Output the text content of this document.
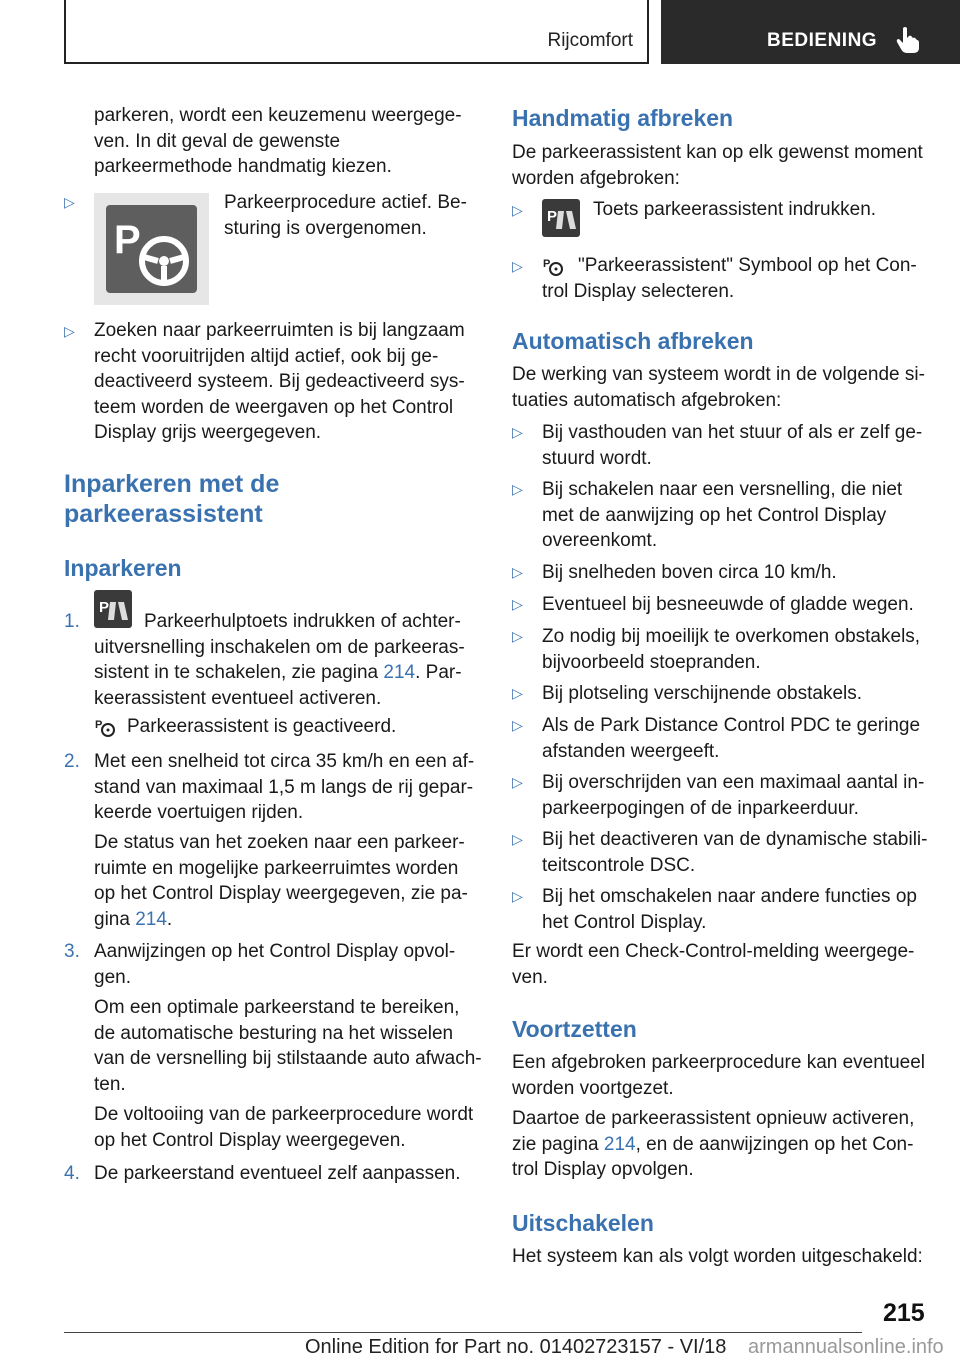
Rijcomfort	BEDIENING

parkeren, wordt een keuzemenu weergege-
ven. In dit geval de gewenste
parkeermethode handmatig kiezen.

▷
P

Parkeerprocedure actief. Be-
sturing is overgenomen.

▷ Zoeken naar parkeerruimten is bij langzaam
recht vooruitrijden altijd actief, ook bij ge-
deactiveerd systeem. Bij gedeactiveerd sys-
teem worden de weergaven op het Control
Display grijs weergegeven.

Inparkeren met de
parkeerassistent
Inparkeren
1.
P

Parkeerhulptoets indrukken of achter-
uitversnelling inschakelen om de parkeeras-
sistent in te schakelen, zie pagina 214. Par-
keerassistent eventueel activeren.

P Parkeerassistent is geactiveerd.

2. Met een snelheid tot circa 35 km/h en een af-
stand van maximaal 1,5 m langs de rij gepar-
keerde voertuigen rijden.

De status van het zoeken naar een parkeer-
ruimte en mogelijke parkeerruimtes worden
op het Control Display weergegeven, zie pa-
gina 214.

3. Aanwijzingen op het Control Display opvol-
gen.

Om een optimale parkeerstand te bereiken,
de automatische besturing na het wisselen
van de versnelling bij stilstaande auto afwach-
ten.

De voltooiing van de parkeerprocedure wordt
op het Control Display weergegeven.

4. De parkeerstand eventueel zelf aanpassen.

Handmatig afbreken

De parkeerassistent kan op elk gewenst moment
worden afgebroken:

▷ P Toets parkeerassistent indrukken.

▷ P	"Parkeerassistent" Symbool op het Con-
trol Display selecteren.

Automatisch afbreken

De werking van systeem wordt in de volgende si-
tuaties automatisch afgebroken:

▷ Bij vasthouden van het stuur of als er zelf ge-
stuurd wordt.

▷ Bij schakelen naar een versnelling, die niet
met de aanwijzing op het Control Display
overeenkomt.

▷ Bij snelheden boven circa 10 km/h.

▷ Eventueel bij besneeuwde of gladde wegen.

▷ Zo nodig bij moeilijk te overkomen obstakels,
bijvoorbeeld stoepranden.

▷ Bij plotseling verschijnende obstakels.

▷ Als de Park Distance Control PDC te geringe
afstanden weergeeft.

▷ Bij overschrijden van een maximaal aantal in-
parkeerpogingen of de inparkeerduur.

▷ Bij het deactiveren van de dynamische stabili-
teitscontrole DSC.

▷ Bij het omschakelen naar andere functies op
het Control Display.

Er wordt een Check-Control-melding weergege-
ven.

Voortzetten

Een afgebroken parkeerprocedure kan eventueel
worden voortgezet.

Daartoe de parkeerassistent opnieuw activeren,
zie pagina 214, en de aanwijzingen op het Con-
trol Display opvolgen.

Uitschakelen

Het systeem kan als volgt worden uitgeschakeld:

215
Online Edition for Part no. 01402723157 - VI/18 armannualsonline.info
